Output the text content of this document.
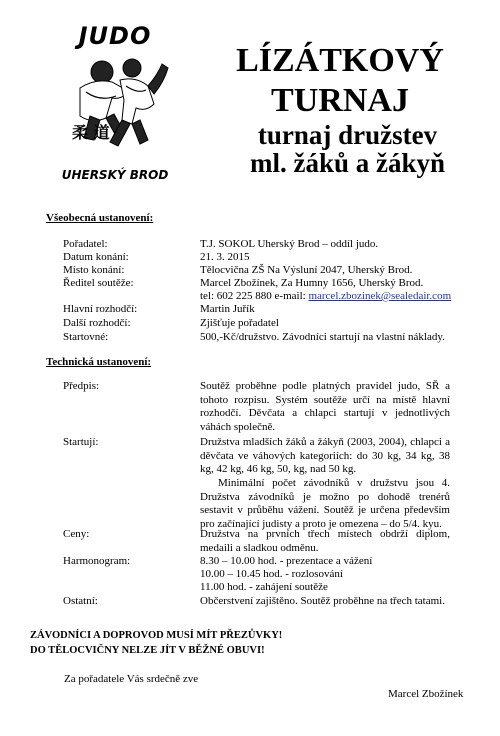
柔 道
JUDO
UHERSKÝ BROD
LÍZÁTKOVÝ
TURNAJ
turnaj družstev
ml. žáků a žákyň
Všeobecná ustanovení:
Pořadatel:	T.J. SOKOL Uherský Brod – oddíl judo.
Datum konání:	21. 3. 2015
Místo konání:	Tělocvična ZŠ Na Výsluní 2047, Uherský Brod.
Ředitel soutěže:	Marcel Zbožínek, Za Humny 1656, Uherský Brod.
tel: 602 225 880 e-mail: marcel.zbozinek@sealedair.com
Hlavní rozhodčí:	Martin Juřík
Další rozhodčí:	Zjišťuje pořadatel
Startovné:	500,-Kč/družstvo. Závodníci startují na vlastní náklady.
Technická ustanovení:
Předpis:	Soutěž proběhne podle platných pravidel judo, SŘ a tohoto rozpisu. Systém soutěže určí na místě hlavní rozhodčí. Děvčata a chlapci startují v jednotlivých váhách společně.
Startují:	Družstva mladších žáků a žákyň (2003, 2004), chlapci a děvčata ve váhových kategoriích: do 30 kg, 34 kg, 38 kg, 42 kg, 46 kg, 50, kg, nad 50 kg.
Minimální počet závodníků v družstvu jsou 4. Družstva závodníků je možno po dohodě trenérů sestavit v průběhu vážení. Soutěž je určena především pro začínající judisty a proto je omezena – do 5/4. kyu.
Ceny:	Družstva na prvních třech místech obdrží diplom, medaili a sladkou odměnu.
Harmonogram:	8.30 – 10.00 hod. - prezentace a vážení
10.00 – 10.45 hod. - rozlosování
11.00 hod. - zahájení soutěže
Ostatní:	Občerstvení zajištěno. Soutěž proběhne na třech tatami.
ZÁVODNÍCI A DOPROVOD MUSÍ MÍT PŘEZŮVKY!
DO TĚLOCVIČNY NELZE JÍT V BĚŽNÉ OBUVI!
Za pořadatele Vás srdečně zve
Marcel Zbožínek
